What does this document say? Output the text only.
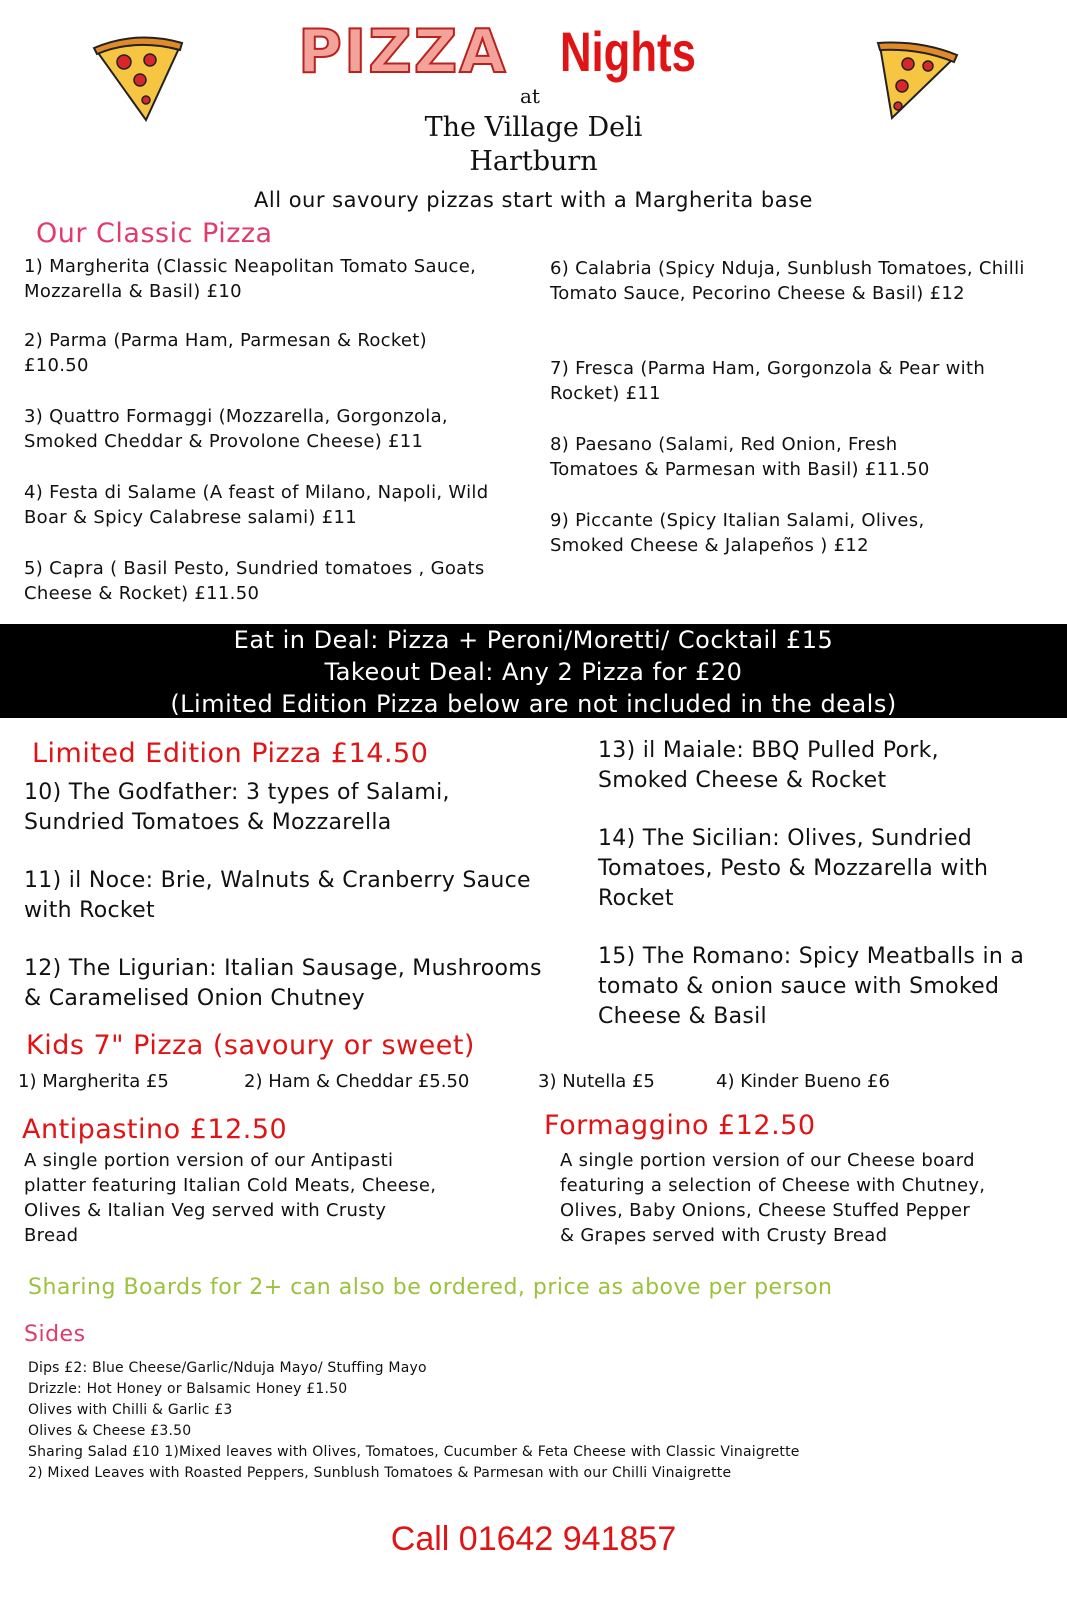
PIZZA Nights
at
The Village Deli
Hartburn
All our savoury pizzas start with a Margherita base
Our Classic Pizza
1) Margherita (Classic Neapolitan Tomato Sauce, Mozzarella & Basil) £10
2) Parma (Parma Ham, Parmesan & Rocket) £10.50
3) Quattro Formaggi (Mozzarella, Gorgonzola, Smoked Cheddar & Provolone Cheese) £11
4) Festa di Salame (A feast of Milano, Napoli, Wild Boar & Spicy Calabrese salami) £11
5) Capra ( Basil Pesto, Sundried tomatoes , Goats Cheese & Rocket) £11.50
6) Calabria (Spicy Nduja, Sunblush Tomatoes, Chilli Tomato Sauce, Pecorino Cheese & Basil) £12
7) Fresca (Parma Ham, Gorgonzola & Pear with Rocket) £11
8) Paesano (Salami, Red Onion, Fresh Tomatoes & Parmesan with Basil) £11.50
9) Piccante (Spicy Italian Salami, Olives, Smoked Cheese & Jalapeños ) £12
Eat in Deal: Pizza + Peroni/Moretti/ Cocktail £15
Takeout Deal: Any 2 Pizza for £20
(Limited Edition Pizza below are not included in the deals)
Limited Edition Pizza £14.50
10) The Godfather: 3 types of Salami, Sundried Tomatoes & Mozzarella
11) il Noce: Brie, Walnuts & Cranberry Sauce with Rocket
12) The Ligurian: Italian Sausage, Mushrooms & Caramelised Onion Chutney
13) il Maiale: BBQ Pulled Pork, Smoked Cheese & Rocket
14) The Sicilian: Olives, Sundried Tomatoes, Pesto & Mozzarella with Rocket
15) The Romano: Spicy Meatballs in a tomato & onion sauce with Smoked Cheese & Basil
Kids 7" Pizza (savoury or sweet)
1) Margherita £5	2) Ham & Cheddar £5.50	3) Nutella £5	4) Kinder Bueno £6
Antipastino £12.50
A single portion version of our Antipasti platter featuring Italian Cold Meats, Cheese, Olives & Italian Veg served with Crusty Bread
Formaggino £12.50
A single portion version of our Cheese board featuring a selection of Cheese with Chutney, Olives, Baby Onions, Cheese Stuffed Pepper & Grapes served with Crusty Bread
Sharing Boards for 2+ can also be ordered, price as above per person
Sides
Dips £2: Blue Cheese/Garlic/Nduja Mayo/ Stuffing Mayo
Drizzle: Hot Honey or Balsamic Honey £1.50
Olives with Chilli & Garlic £3
Olives & Cheese £3.50
Sharing Salad £10 1)Mixed leaves with Olives, Tomatoes, Cucumber & Feta Cheese with Classic Vinaigrette
2) Mixed Leaves with Roasted Peppers, Sunblush Tomatoes & Parmesan with our Chilli Vinaigrette
Call 01642 941857
